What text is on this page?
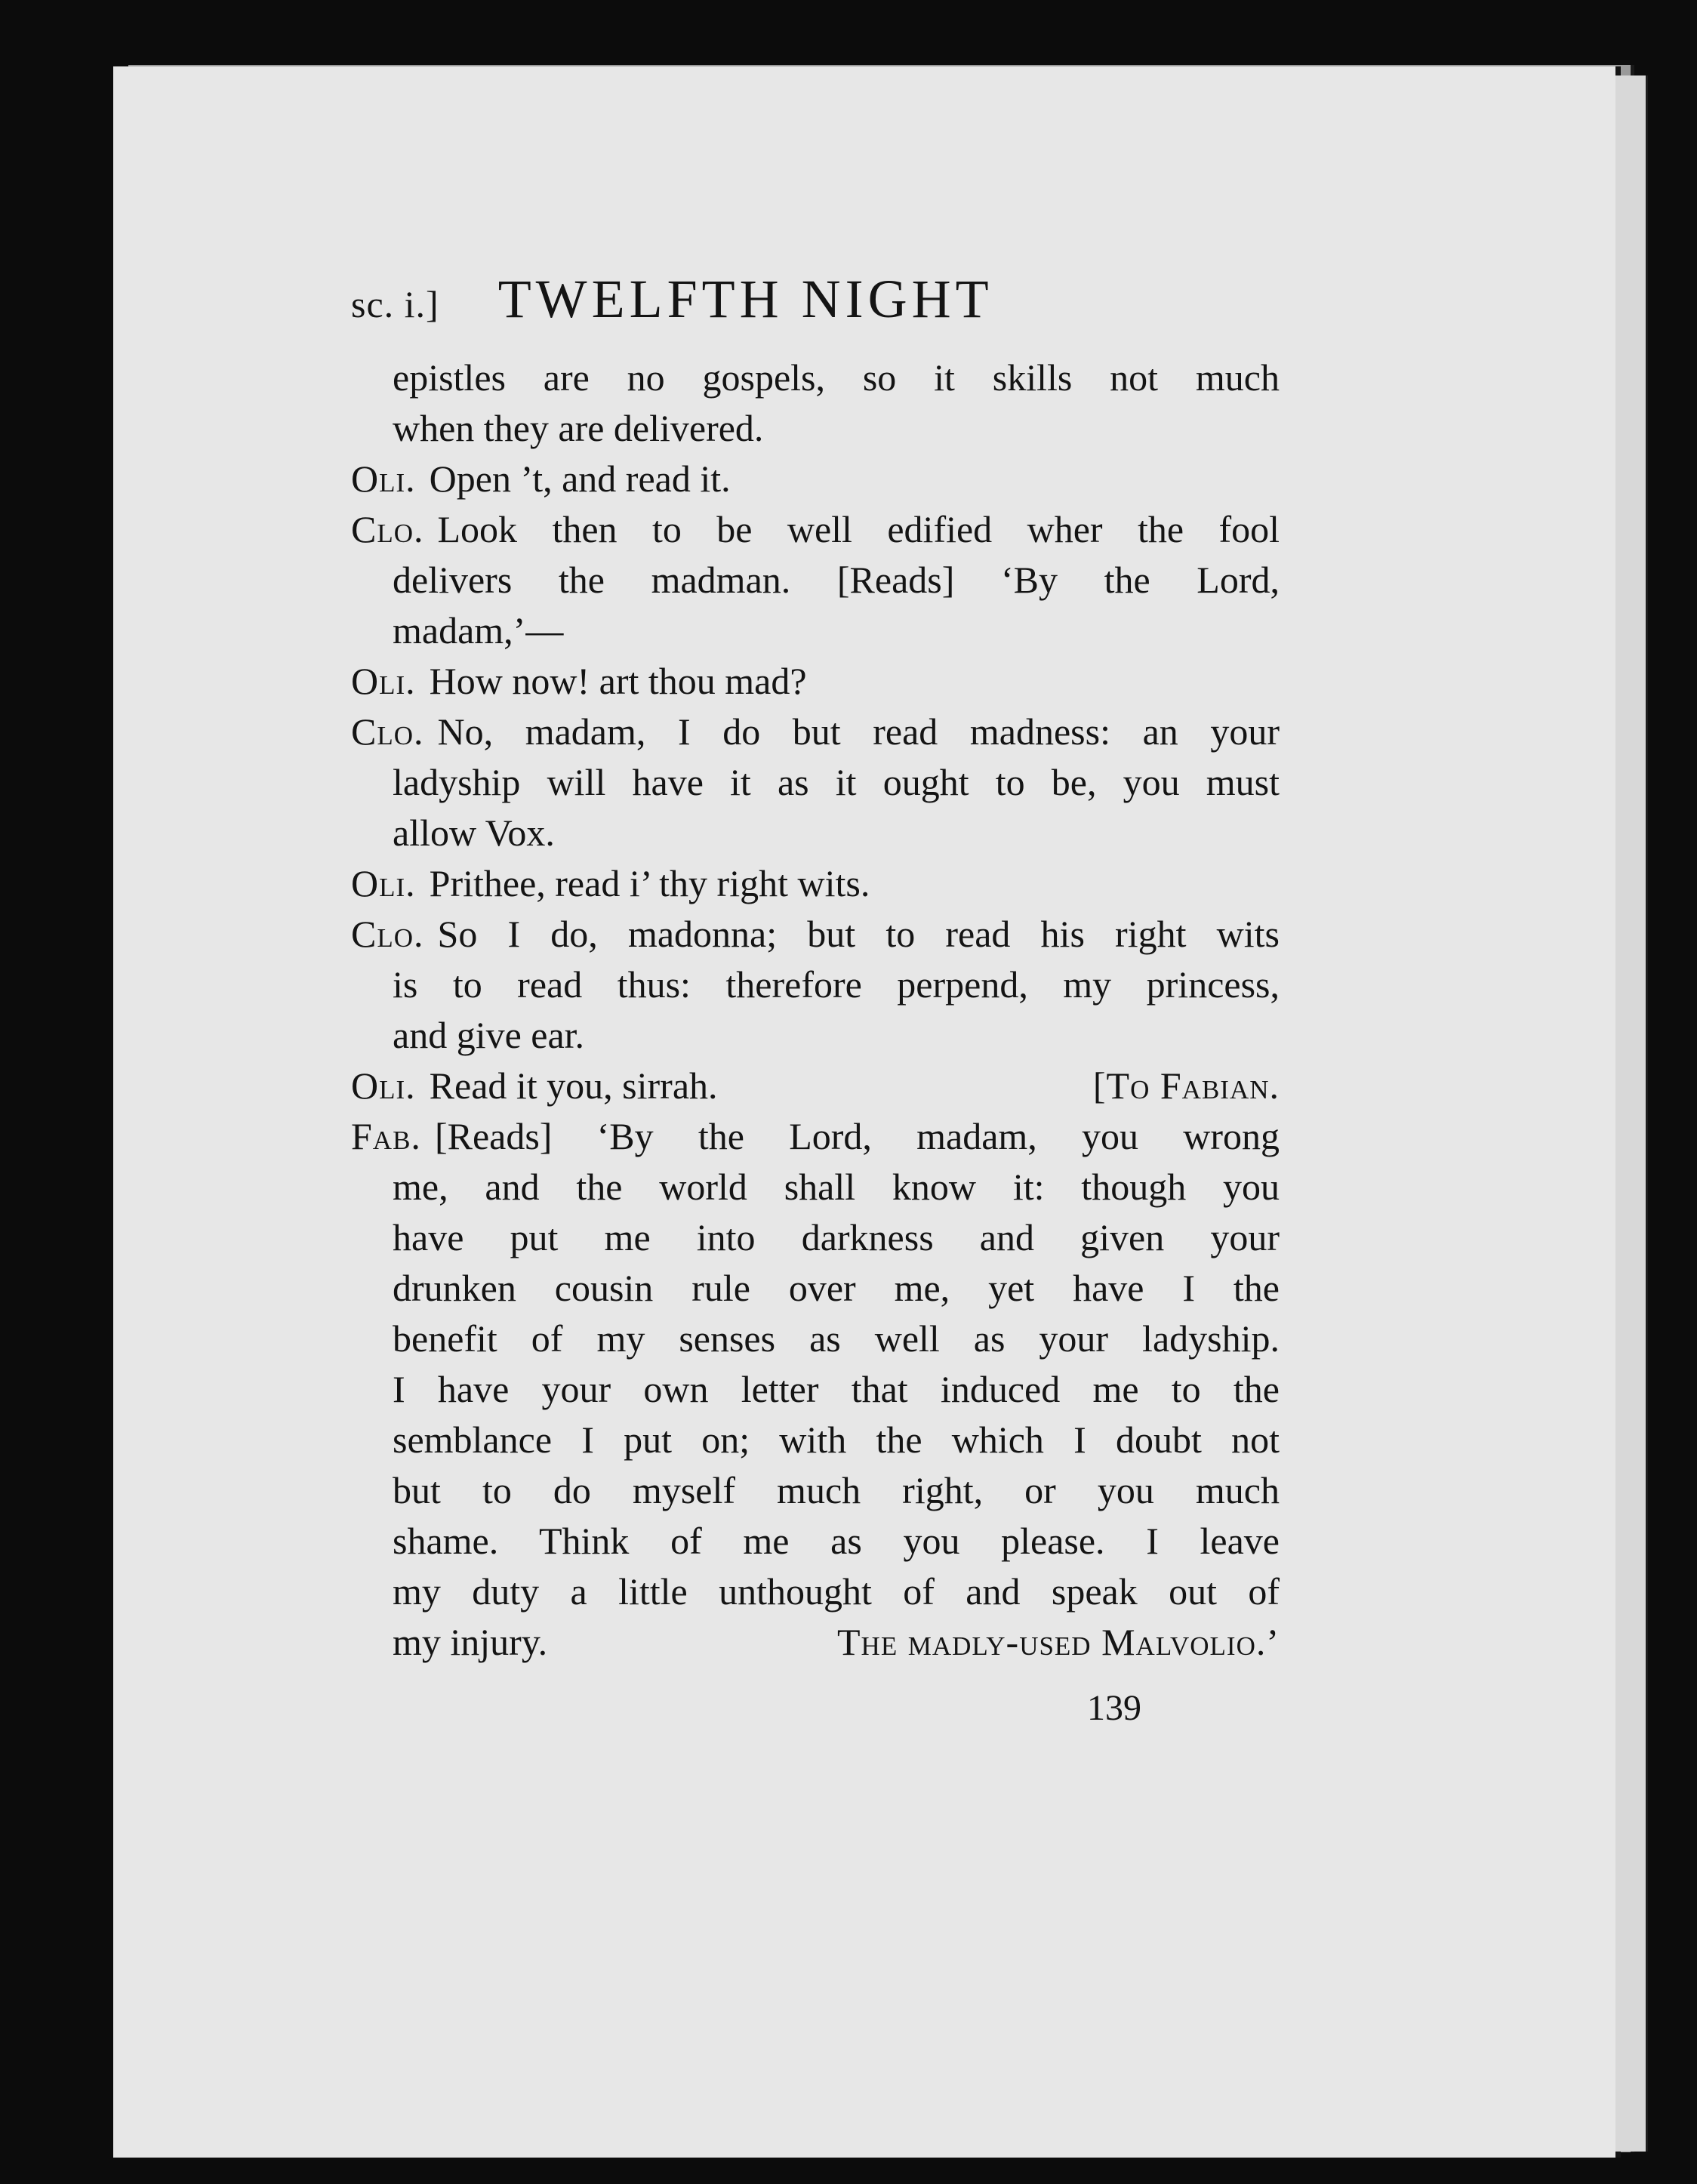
sc. i.] TWELFTH NIGHT
epistles are no gospels, so it skills not much
when they are delivered.
Oli. Open ’t, and read it.
Clo. Look then to be well edified wher the fool
delivers the madman. [Reads] ‘By the Lord,
madam,’—
Oli. How now! art thou mad?
Clo. No, madam, I do but read madness: an your
ladyship will have it as it ought to be, you must
allow Vox.
Oli. Prithee, read i’ thy right wits.
Clo. So I do, madonna; but to read his right wits
is to read thus: therefore perpend, my princess,
and give ear.
Oli. Read it you, sirrah.	[To Fabian.
Fab. [Reads] ‘By the Lord, madam, you wrong
me, and the world shall know it: though you
have put me into darkness and given your
drunken cousin rule over me, yet have I the
benefit of my senses as well as your ladyship.
I have your own letter that induced me to the
semblance I put on; with the which I doubt not
but to do myself much right, or you much
shame. Think of me as you please. I leave
my duty a little unthought of and speak out of
my injury.	The madly-used Malvolio.’
139
